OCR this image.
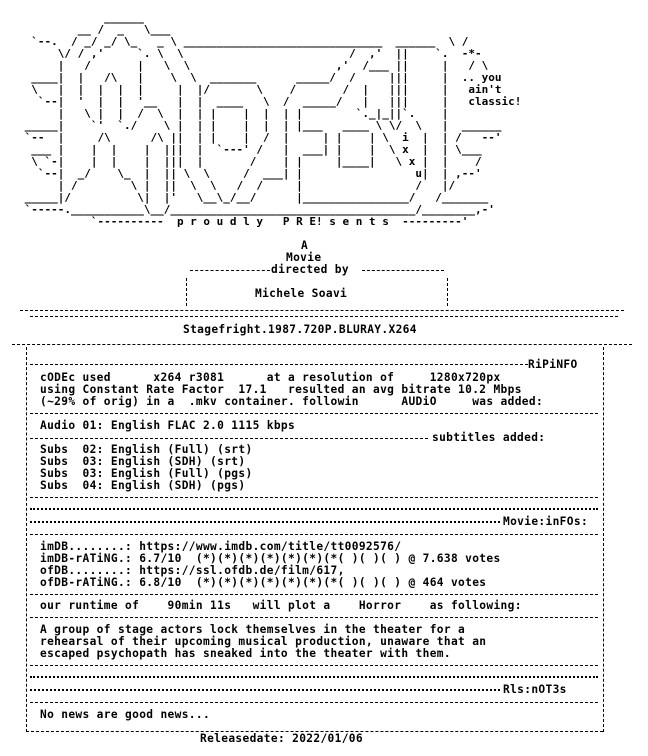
______
__ /  _   \___
`--.  / _/ _/ \_   _ \ ______________________________  ______  \ /
\/ / ,'     `. \  \                         /  ,'  ||    `.  -*-
|   /       |   \  \                      ,'  /___ ||     |   / \
____|  |   /\   |    \  \  _______      _____/  /     |||     |  .. you
\   |  |  |  |  |     |  |/       \    /       /  |   |||     |   ain't
`--|  '  |  |  '__   |  |  ____   \  /  _____/   |   |||     |   classic!
|   \ |  |  /  \  |  | |    |  |  | |        `._|_||`.    |
_____|    `'  `./    \ |  | |    |  |  | |___   ____ \ \/  \   |  ______
`--  |     /\      /\ ||  | |    |  /  |     | |    | \  i  |  | /   --'
___ |    |  |    |  |||  |  `---' /   |  ___| |    |  \ x  |  | \___
\ `-|    |  |    |  |||  |       /    | |     |____|   \ x |  |    /
`--|  _/    \_  |  || \  \     /  ___| |                 u|  | ,--'
| /        \ |  ||  \  \   /  /     |                 /   |/
_____|/          \|  |'   \__\_/__/      |________________/   /_______
`-----.___________\__/_____________________________________/________,-'
`----------  p r o u d l y   P R E! s e n t s  ---------'
A
Movie
directed by
Michele Soavi
Stagefright.1987.720P.BLURAY.X264
RiPiNFO
cODEc used      x264 r3081      at a resolution of     1280x720px
using Constant Rate Factor  17.1   resulted an avg bitrate 10.2 Mbps
(~29% of orig) in a  .mkv container. followin      AUDiO     was added:
Audio 01: English FLAC 2.0 1115 kbps
subtitles added:
Subs  02: English (Full) (srt)
Subs  03: English (SDH) (srt)
Subs  03: English (Full) (pgs)
Subs  04: English (SDH) (pgs)
Movie:inFOs:
imDB........: https://www.imdb.com/title/tt0092576/
imDB-rATiNG.: 6.7/10  (*)(*)(*)(*)(*)(*)(*( )( )( ) @ 7.638 votes
ofDB........: https://ssl.ofdb.de/film/617,
ofDB-rATiNG.: 6.8/10  (*)(*)(*)(*)(*)(*)(*( )( )( ) @ 464 votes
our runtime of    90min 11s   will plot a    Horror    as following:
A group of stage actors lock themselves in the theater for a
rehearsal of their upcoming musical production, unaware that an
escaped psychopath has sneaked into the theater with them.
Rls:nOT3s
No news are good news...
Releasedate: 2022/01/06
